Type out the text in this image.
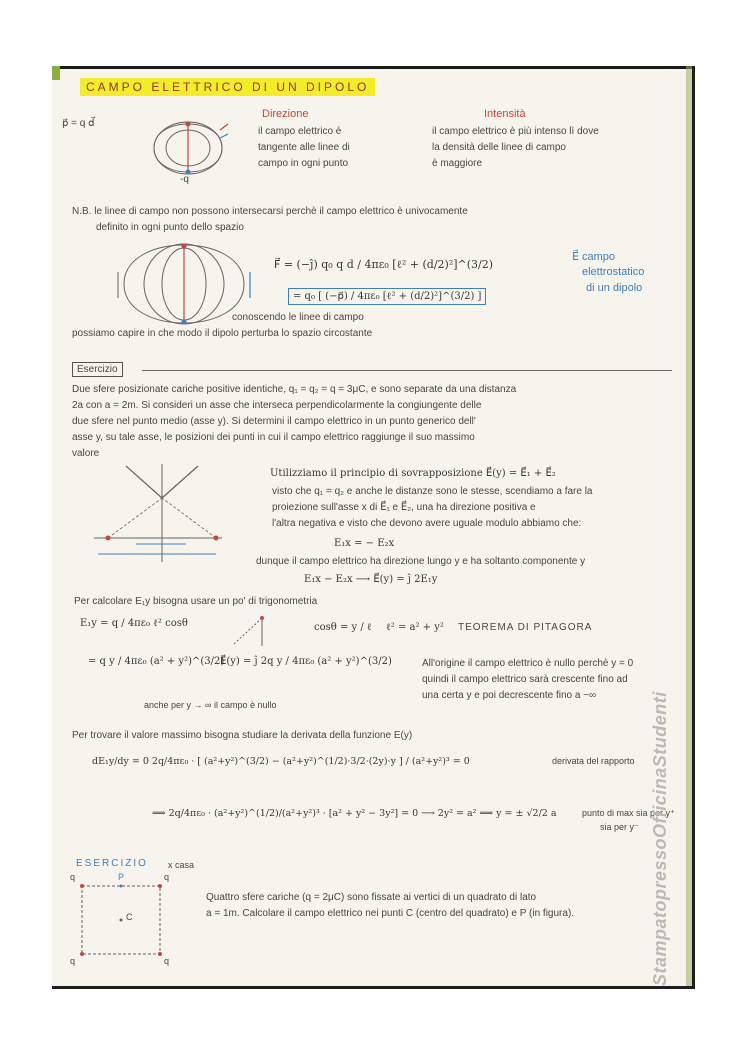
CAMPO ELETTRICO DI UN DIPOLO
p⃗ = q d⃗
-q
Direzione
il campo elettrico è
tangente alle linee di
campo in ogni punto
Intensità
il campo elettrico è più intenso lì dove
la densità delle linee di campo
è maggiore
N.B. le linee di campo non possono intersecarsi perchè il campo elettrico è univocamente
definito in ogni punto dello spazio
F⃗ = (−ĵ) q₀ q d / 4πε₀ [ℓ² + (d/2)²]^(3/2)
= q₀ [ (−p⃗) / 4πε₀ [ℓ² + (d/2)²]^(3/2) ]
E⃗ campo
elettrostatico
di un dipolo
conoscendo le linee di campo
possiamo capire in che modo il dipolo perturba lo spazio circostante
Esercizio
Due sfere posizionate cariche positive identiche, q₁ = q₂ = q = 3μC, e sono separate da una distanza
2a con a = 2m. Si consideri un asse che interseca perpendicolarmente la congiungente delle
due sfere nel punto medio (asse y). Si determini il campo elettrico in un punto generico dell'
asse y, su tale asse, le posizioni dei punti in cui il campo elettrico raggiunge il suo massimo
valore
Utilizziamo il principio di sovrapposizione E⃗(y) = E⃗₁ + E⃗₂
visto che q₁ = q₂ e anche le distanze sono le stesse, scendiamo a fare la
proiezione sull'asse x di E⃗₁ e E⃗₂, una ha direzione positiva e
l'altra negativa e visto che devono avere uguale modulo abbiamo che:
E₁x = − E₂x
dunque il campo elettrico ha direzione lungo y e ha soltanto componente y
E₁x − E₂x ⟶ E⃗(y) = ĵ 2E₁y
Per calcolare E₁y bisogna usare un po' di trigonometria
E₁y = q / 4πε₀ ℓ² cosθ	cosθ = y / ℓ ℓ² = a² + y² TEOREMA DI PITAGORA
= q y / 4πε₀ (a² + y²)^(3/2)
E⃗(y) = ĵ 2q y / 4πε₀ (a² + y²)^(3/2)	All'origine il campo elettrico è nullo perchè y = 0
quindi il campo elettrico sarà crescente fino ad
una certa y e poi decrescente fino a −∞
anche per y → ∞ il campo è nullo
Per trovare il valore massimo bisogna studiare la derivata della funzione E(y)
dE₁y/dy = 0 2q/4πε₀ · [ (a²+y²)^(3/2) − (a²+y²)^(1/2)·3/2·(2y)·y ] / (a²+y²)³ = 0	derivata del rapporto
⟹ 2q/4πε₀ · (a²+y²)^(1/2)/(a²+y²)³ · [a² + y² − 3y²] = 0 ⟶ 2y² = a² ⟹ y = ± √2/2 a	punto di max sia per y⁺
sia per y⁻
ESERCIZIO x casa
q	q
q	q
P
C
Quattro sfere cariche (q = 2μC) sono fissate ai vertici di un quadrato di lato
a = 1m. Calcolare il campo elettrico nei punti C (centro del quadrato) e P (in figura).	StampatopressoOfficinaStudenti
